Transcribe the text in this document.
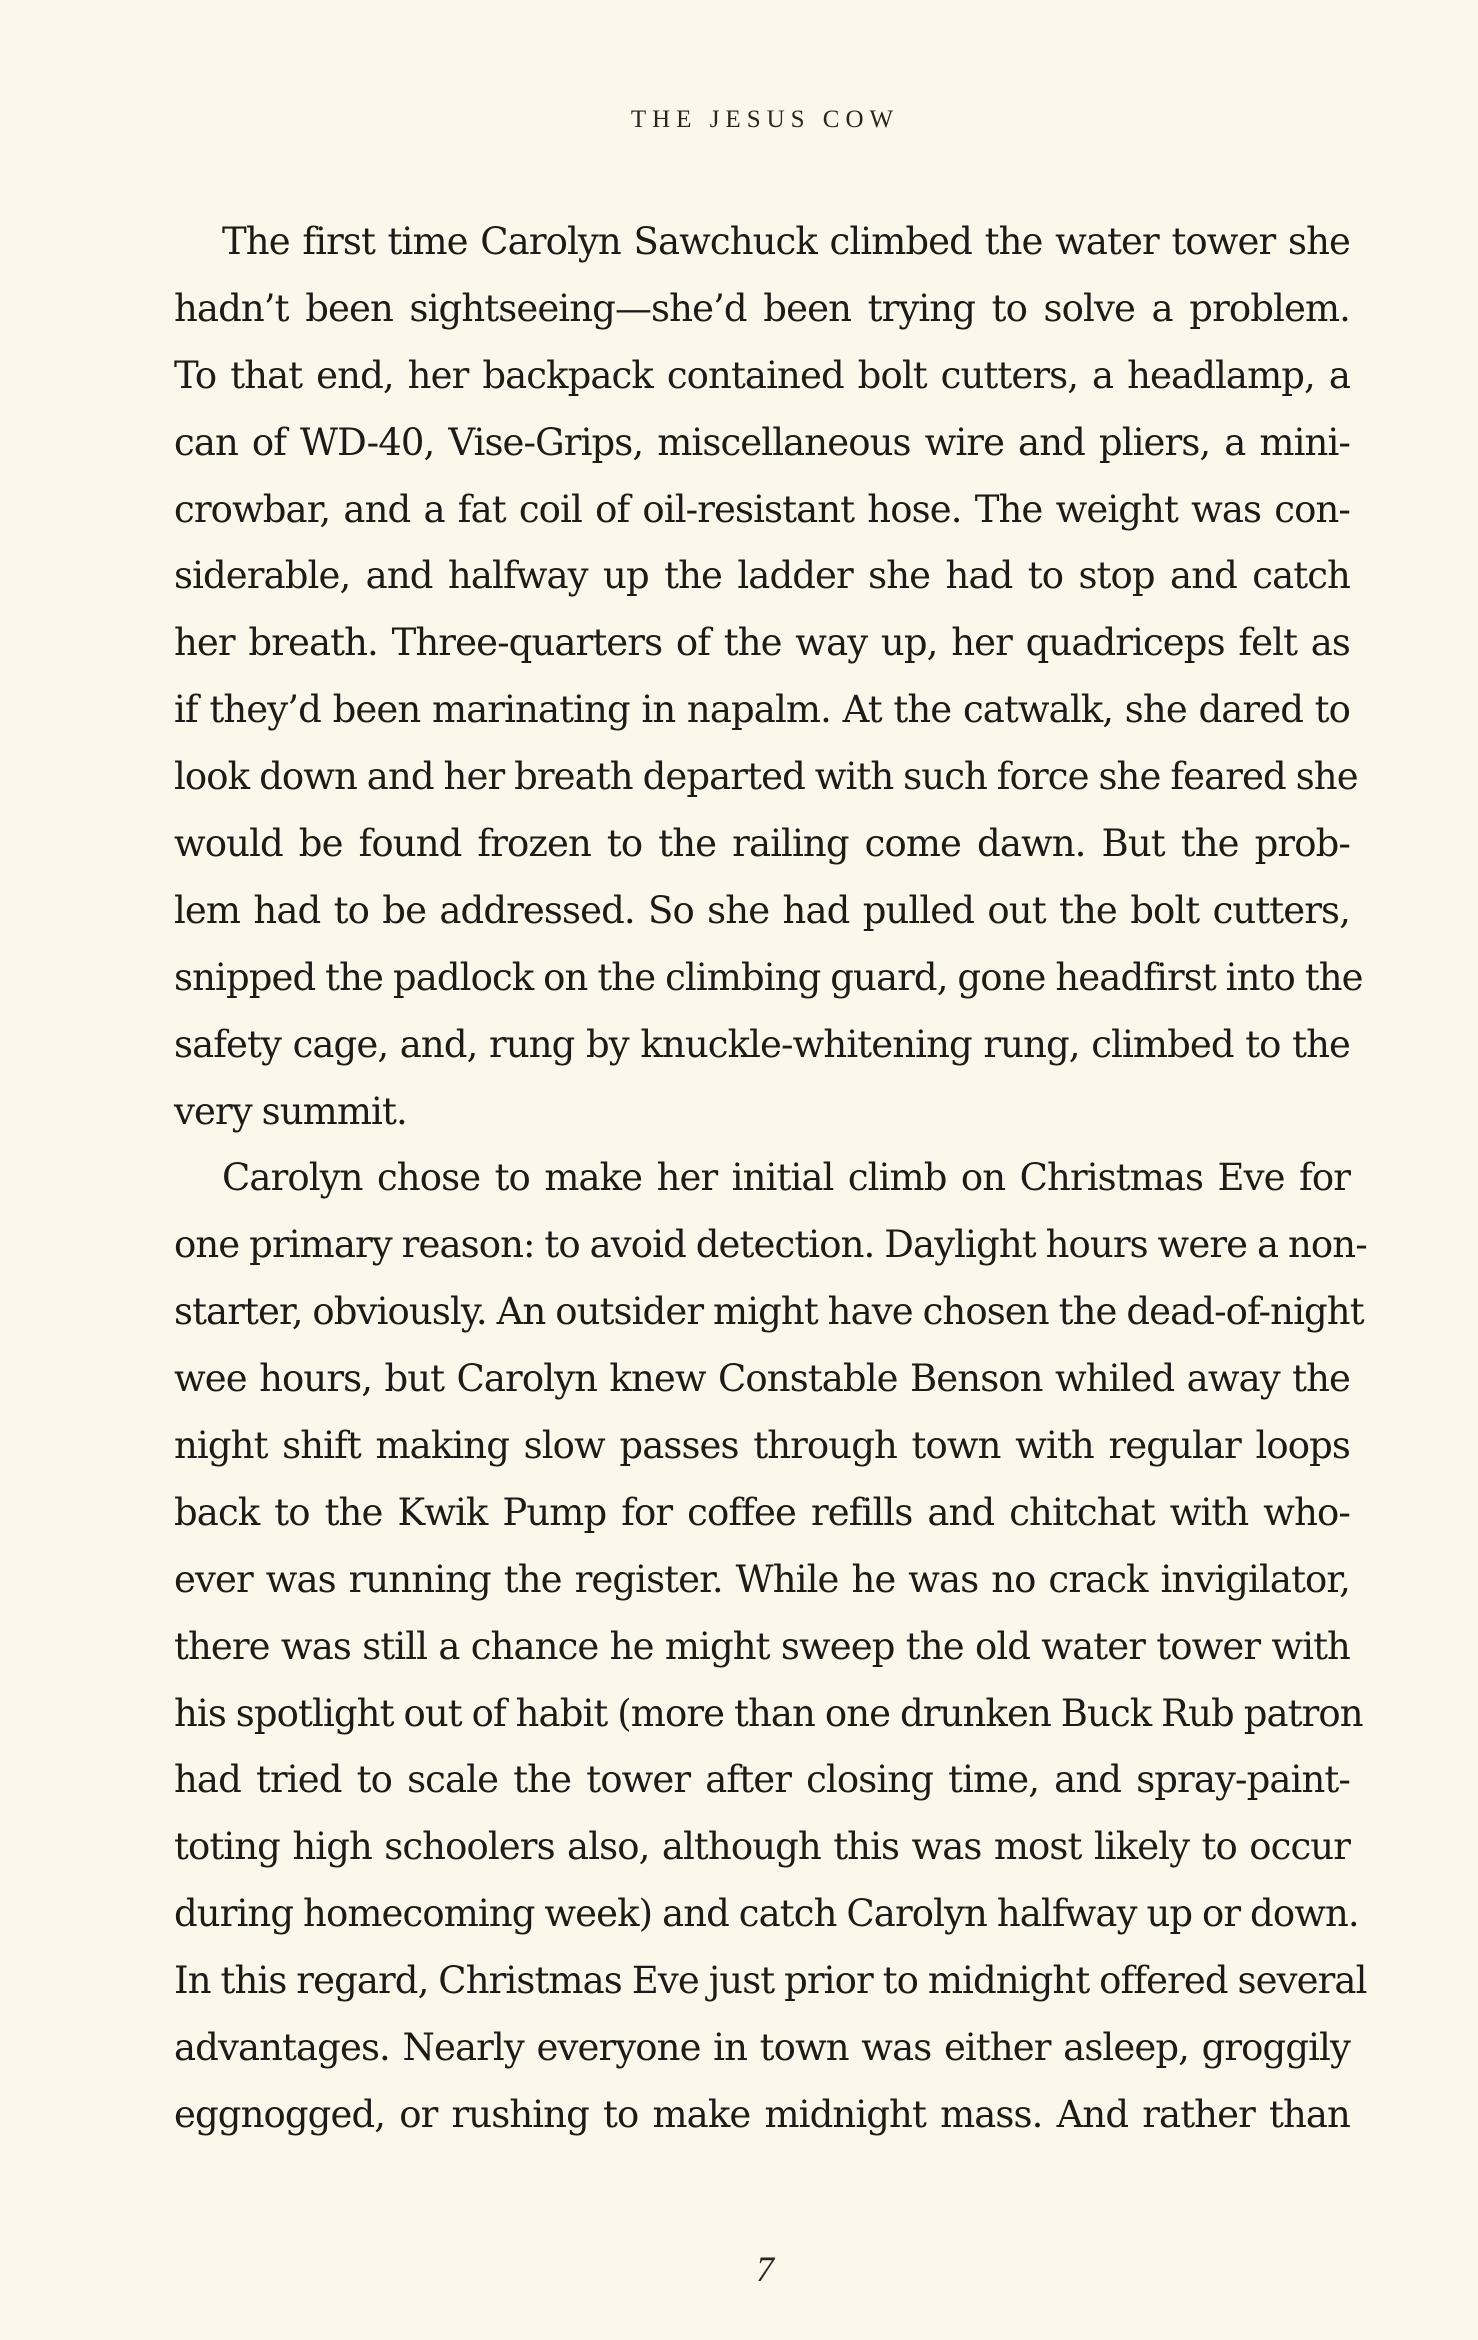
THE JESUS COW
The first time Carolyn Sawchuck climbed the water tower she
hadn’t been sightseeing—she’d been trying to solve a problem.
To that end, her backpack contained bolt cutters, a headlamp, a
can of WD-40, Vise-Grips, miscellaneous wire and pliers, a mini-
crowbar, and a fat coil of oil-resistant hose. The weight was con-
siderable, and halfway up the ladder she had to stop and catch
her breath. Three-quarters of the way up, her quadriceps felt as
if they’d been marinating in napalm. At the catwalk, she dared to
look down and her breath departed with such force she feared she
would be found frozen to the railing come dawn. But the prob-
lem had to be addressed. So she had pulled out the bolt cutters,
snipped the padlock on the climbing guard, gone headfirst into the
safety cage, and, rung by knuckle-whitening rung, climbed to the
very summit.
Carolyn chose to make her initial climb on Christmas Eve for
one primary reason: to avoid detection. Daylight hours were a non-
starter, obviously. An outsider might have chosen the dead-of-night
wee hours, but Carolyn knew Constable Benson whiled away the
night shift making slow passes through town with regular loops
back to the Kwik Pump for coffee refills and chitchat with who-
ever was running the register. While he was no crack invigilator,
there was still a chance he might sweep the old water tower with
his spotlight out of habit (more than one drunken Buck Rub patron
had tried to scale the tower after closing time, and spray-paint-
toting high schoolers also, although this was most likely to occur
during homecoming week) and catch Carolyn halfway up or down.
In this regard, Christmas Eve just prior to midnight offered several
advantages. Nearly everyone in town was either asleep, groggily
eggnogged, or rushing to make midnight mass. And rather than
7
